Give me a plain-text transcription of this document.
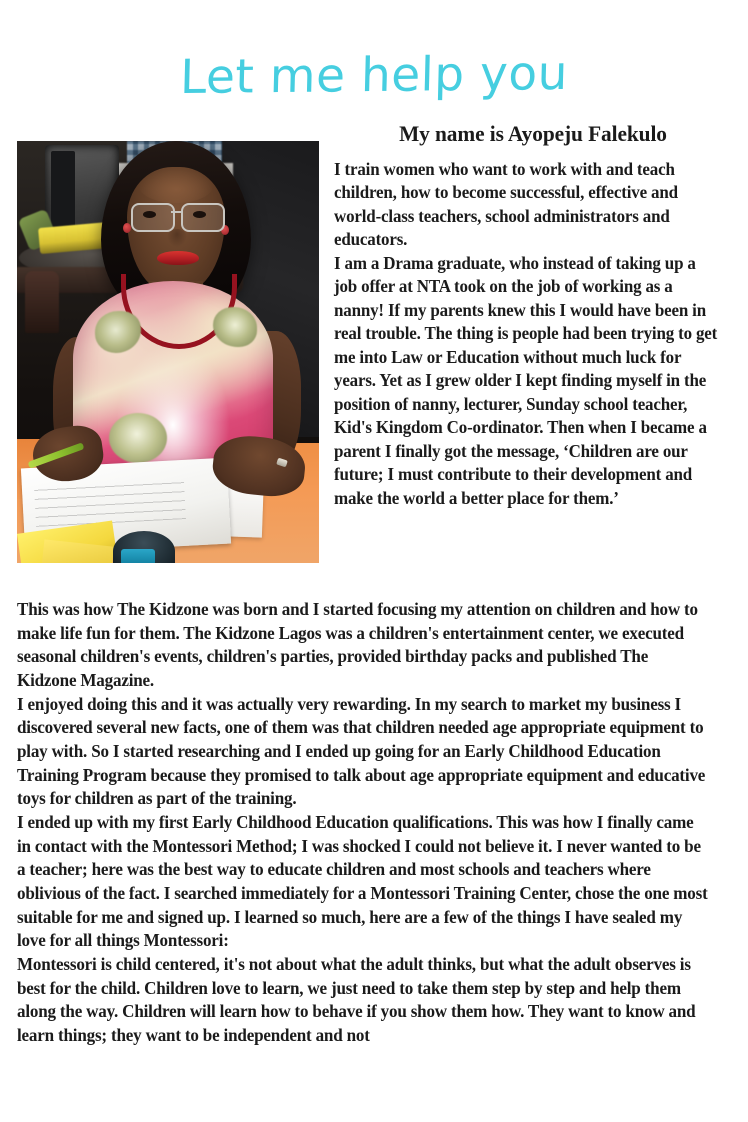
Let me help you
My name is Ayopeju Falekulo

I train women who want to work with and teach children, how to become successful, effective and world-class teachers, school administrators and educators.

I am a Drama graduate, who instead of taking up a job offer at NTA took on the job of working as a nanny! If my parents knew this I would have been in real trouble. The thing is people had been trying to get me into Law or Education without much luck for years. Yet as I grew older I kept finding myself in the position of nanny, lecturer, Sunday school teacher, Kid's Kingdom Co-ordinator. Then when I became a parent I finally got the message, ‘Children are our future; I must contribute to their development and make the world a better place for them.’

This was how The Kidzone was born and I started focusing my attention on children and how to make life fun for them. The Kidzone Lagos was a children's entertainment center, we executed seasonal children's events, children's parties, provided birthday packs and published The Kidzone Magazine.

I enjoyed doing this and it was actually very rewarding. In my search to market my business I discovered several new facts, one of them was that children needed age appropriate equipment to play with. So I started researching and I ended up going for an Early Childhood Education Training Program because they promised to talk about age appropriate equipment and educative toys for children as part of the training.

I ended up with my first Early Childhood Education qualifications. This was how I finally came in contact with the Montessori Method; I was shocked I could not believe it. I never wanted to be a teacher; here was the best way to educate children and most schools and teachers where oblivious of the fact. I searched immediately for a Montessori Training Center, chose the one most suitable for me and signed up. I learned so much, here are a few of the things I have sealed my love for all things Montessori:

Montessori is child centered, it's not about what the adult thinks, but what the adult observes is best for the child. Children love to learn, we just need to take them step by step and help them along the way. Children will learn how to behave if you show them how. They want to know and learn things; they want to be independent and not
